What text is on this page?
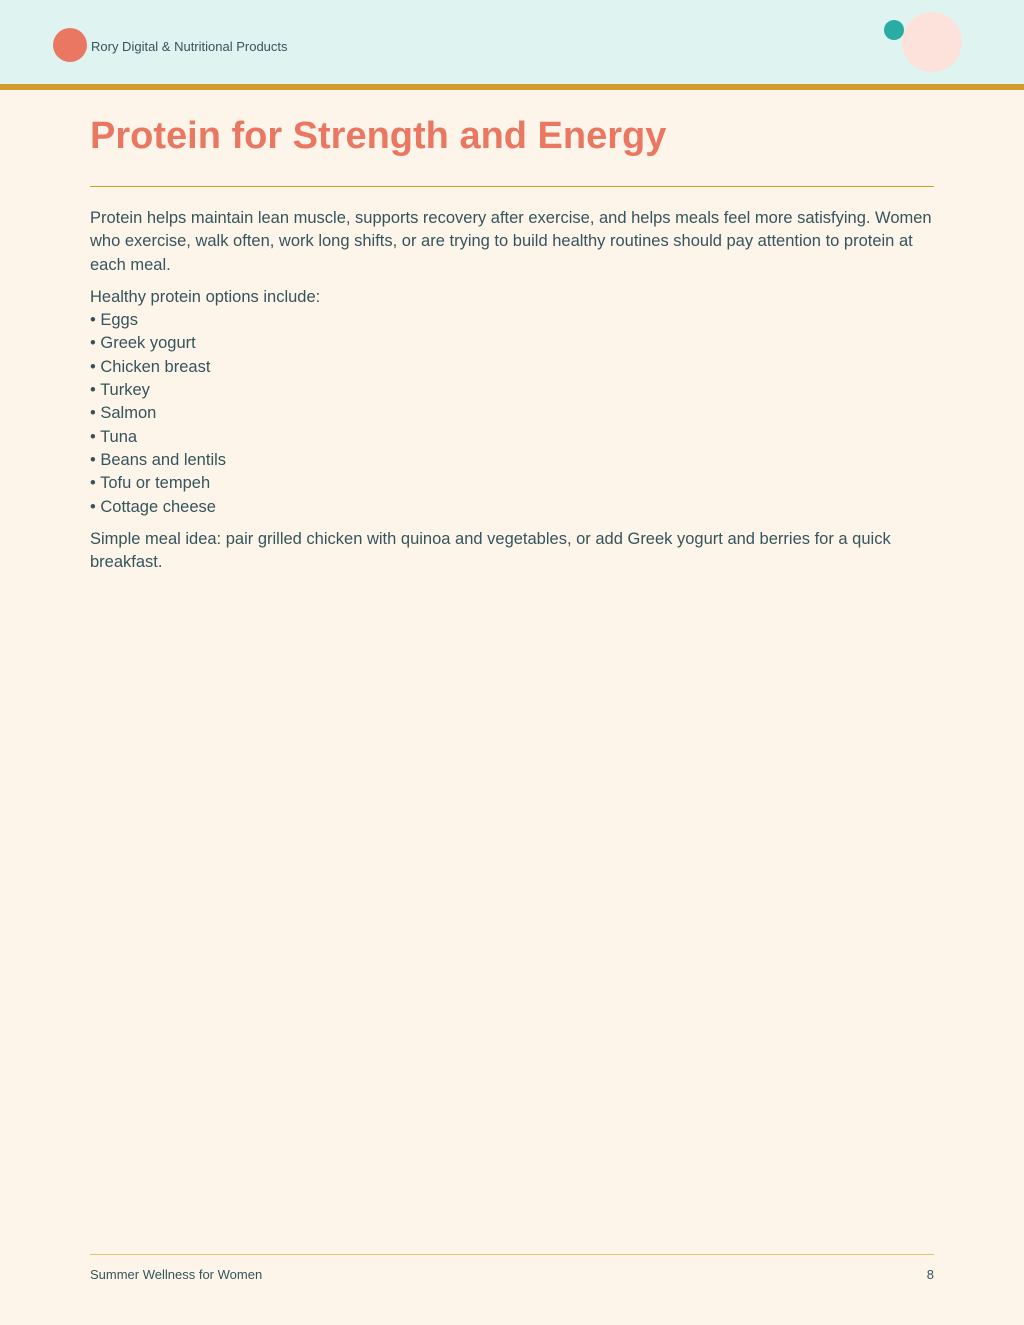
Rory Digital & Nutritional Products
Protein for Strength and Energy

Protein helps maintain lean muscle, supports recovery after exercise, and helps meals feel more satisfying. Women who exercise, walk often, work long shifts, or are trying to build healthy routines should pay attention to protein at each meal.

Healthy protein options include:

• Eggs
• Greek yogurt
• Chicken breast
• Turkey
• Salmon
• Tuna
• Beans and lentils
• Tofu or tempeh
• Cottage cheese

Simple meal idea: pair grilled chicken with quinoa and vegetables, or add Greek yogurt and berries for a quick breakfast.

Summer Wellness for Women	8
